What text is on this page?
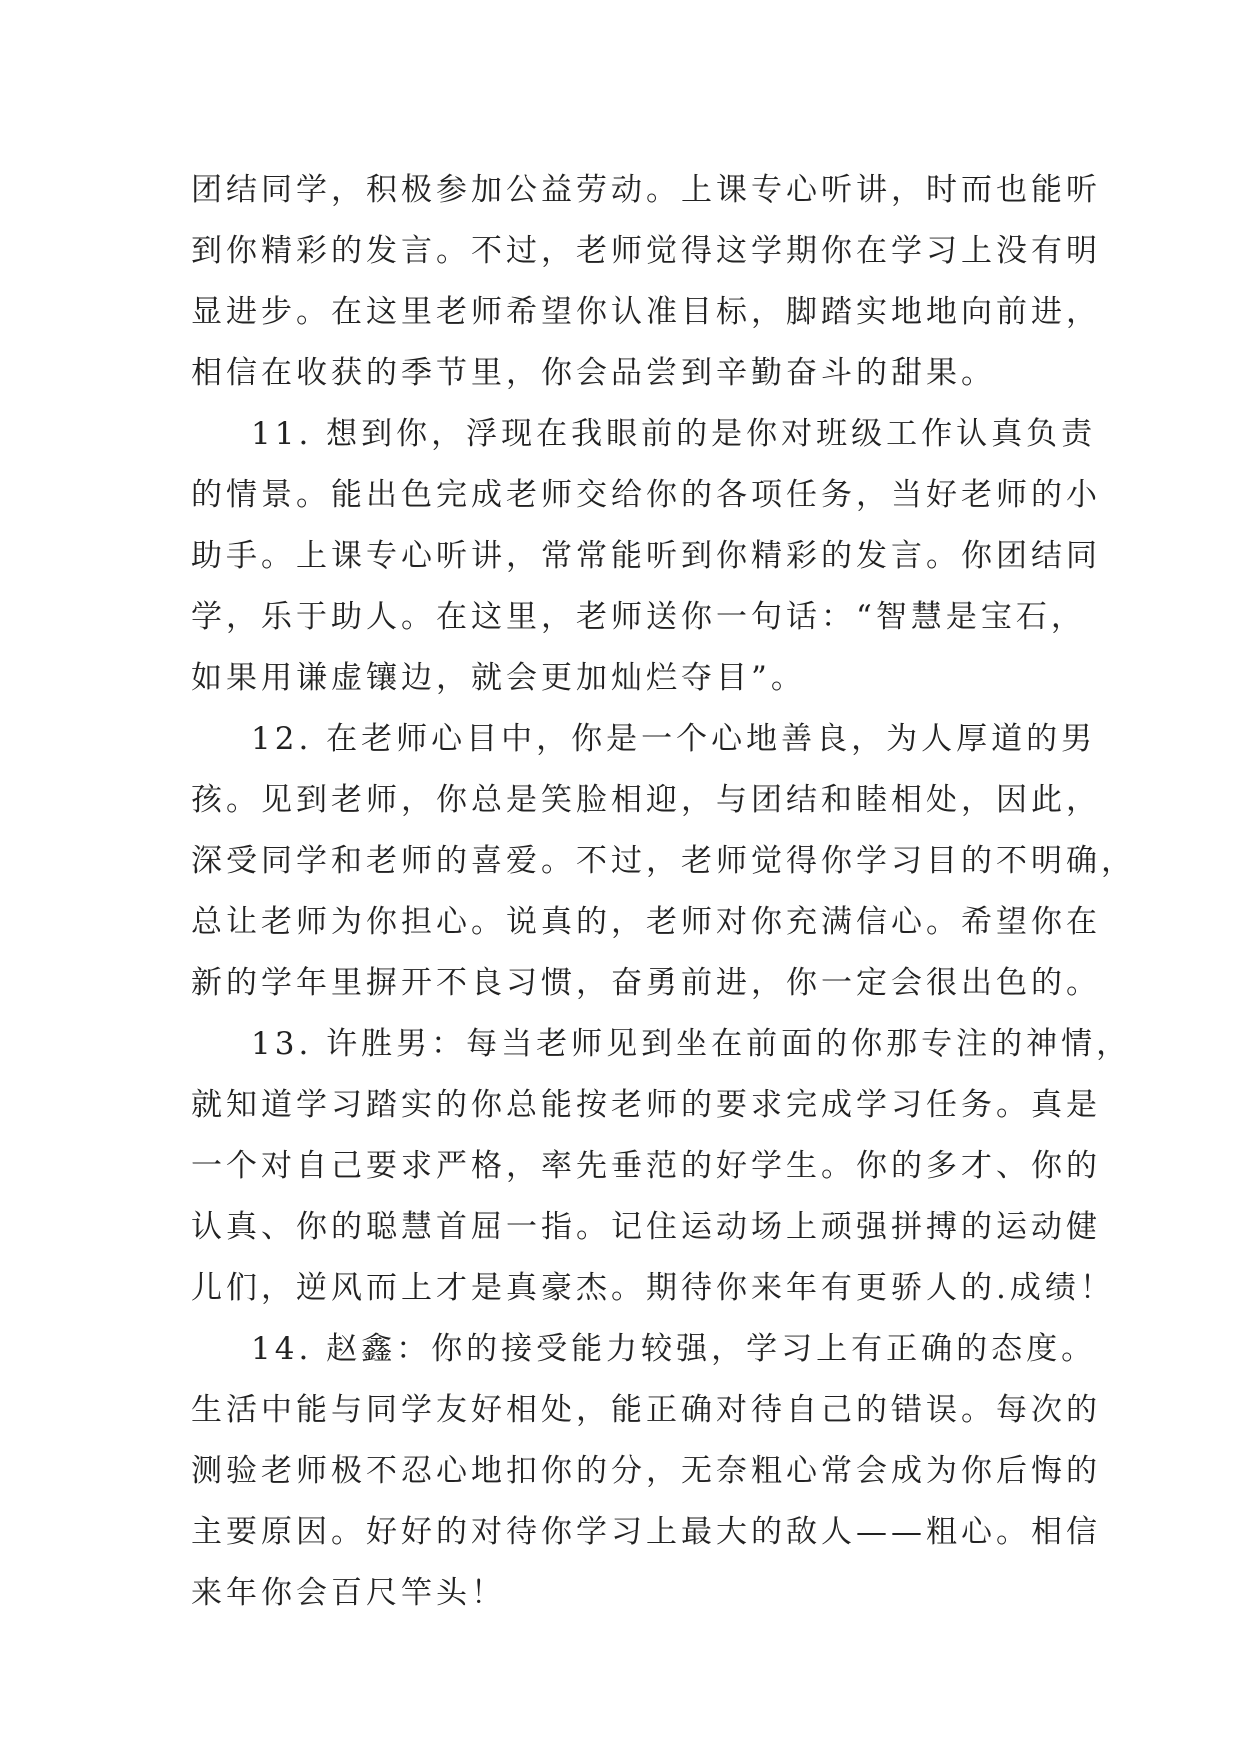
团结同学，积极参加公益劳动。上课专心听讲，时而也能听
到你精彩的发言。不过，老师觉得这学期你在学习上没有明
显进步。在这里老师希望你认准目标，脚踏实地地向前进，
相信在收获的季节里，你会品尝到辛勤奋斗的甜果。
11. 想到你，浮现在我眼前的是你对班级工作认真负责
的情景。能出色完成老师交给你的各项任务，当好老师的小
助手。上课专心听讲，常常能听到你精彩的发言。你团结同
学，乐于助人。在这里，老师送你一句话：“智慧是宝石，
如果用谦虚镶边，就会更加灿烂夺目”。
12. 在老师心目中，你是一个心地善良，为人厚道的男
孩。见到老师，你总是笑脸相迎，与团结和睦相处，因此，
深受同学和老师的喜爱。不过，老师觉得你学习目的不明确，
总让老师为你担心。说真的，老师对你充满信心。希望你在
新的学年里摒开不良习惯，奋勇前进，你一定会很出色的。
13. 许胜男：每当老师见到坐在前面的你那专注的神情，
就知道学习踏实的你总能按老师的要求完成学习任务。真是
一个对自己要求严格，率先垂范的好学生。你的多才、你的
认真、你的聪慧首屈一指。记住运动场上顽强拼搏的运动健
儿们，逆风而上才是真豪杰。期待你来年有更骄人的.成绩！
14. 赵鑫：你的接受能力较强，学习上有正确的态度。
生活中能与同学友好相处，能正确对待自己的错误。每次的
测验老师极不忍心地扣你的分，无奈粗心常会成为你后悔的
主要原因。好好的对待你学习上最大的敌人——粗心。相信
来年你会百尺竿头！
